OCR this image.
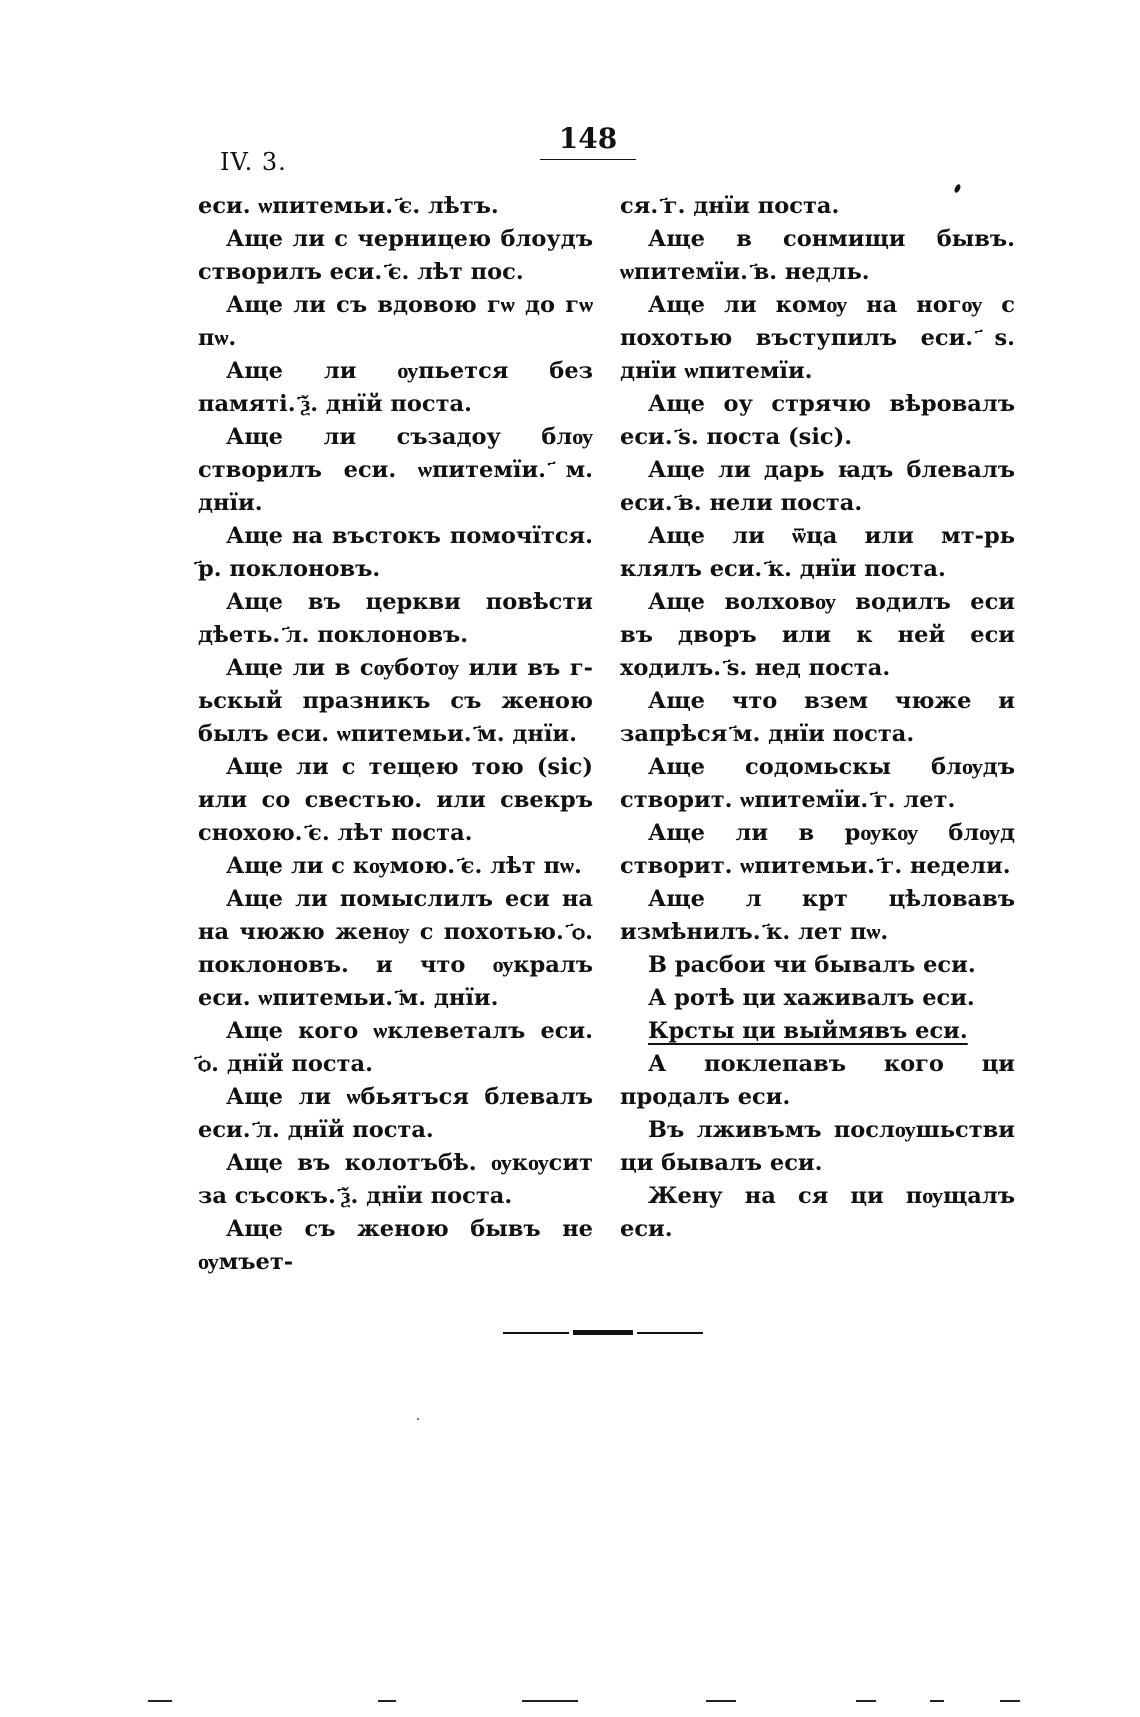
IV. 3.
148

еси. ѡпитемьи. ҃є. лѣтъ.

Аще ли с черницею блоудъ створилъ еси. ҃є. лѣт пос.

Аще ли съ вдовою гѡ до гѡ пѡ.

Аще ли ѹпьется без памяті. ҃ѯ. днїй поста.

Аще ли съзадоу блѹ створилъ еси. ѡпитемїи. ҃м. днїи.

Аще на въстокъ помочїтся. ҃р. поклоновъ.

Аще въ церкви повѣсти дѣеть. ҃л. поклоновъ.

Аще ли в сѹботѹ или въ г-ьскый празникъ съ женою былъ еси. ѡпитемьи. ҃м. днїи.

Аще ли с тещею тою (sic) или со свестью. или свекръ снохою. ҃є. лѣт поста.

Аще ли с кѹмою. ҃є. лѣт пѡ.

Аще ли помыслилъ еси на на чюжю женѹ с похотью. ҃ѻ. поклоновъ. и что ѹкралъ еси. ѡпитемьи. ҃м. днїи.

Аще кого ѡклеветалъ еси. ҃ѻ. днїй поста.

Аще ли ѡбьятъся блевалъ еси. ҃л. днїй поста.

Аще въ колотъбѣ. ѹкѹсит за съсокъ. ҃ѯ. днїи поста.

Аще съ женою бывъ не ѹмъет-

ся. ҃г. днїи поста.

Аще в сонмищи бывъ. ѡпитемїи. ҃в. недль.

Аще ли комѹ на ногѹ с похотью въступилъ еси. ҃ѕ. днїи ѡпитемїи.

Аще оу стрячю вѣровалъ еси. ҃ѕ. поста (sic).

Аще ли дарь ꙗдъ блевалъ еси. ҃в. нели поста.

Аще ли ѿца или мт-рь клялъ еси. ҃к. днїи поста.

Аще волховѹ водилъ еси въ дворъ или к ней еси ходилъ. ҃ѕ. нед поста.

Аще что взем чюже и запрѣся ҃м. днїи поста.

Аще содомьскы блѹдъ створит. ѡпитемїи. ҃г. лет.

Аще ли в рѹкѹ блѹд створит. ѡпитемьи. ҃г. недели.

Аще л крт цѣловавъ измѣнилъ. ҃к. лет пѡ.

В расбои чи бывалъ еси.

А ротѣ ци хаживалъ еси.

Крсты ци выймявъ еси.

А поклепавъ кого ци продалъ еси.

Въ лживъмъ послѹшьстви ци бывалъ еси.

Жену на ся ци пѹщалъ еси.
